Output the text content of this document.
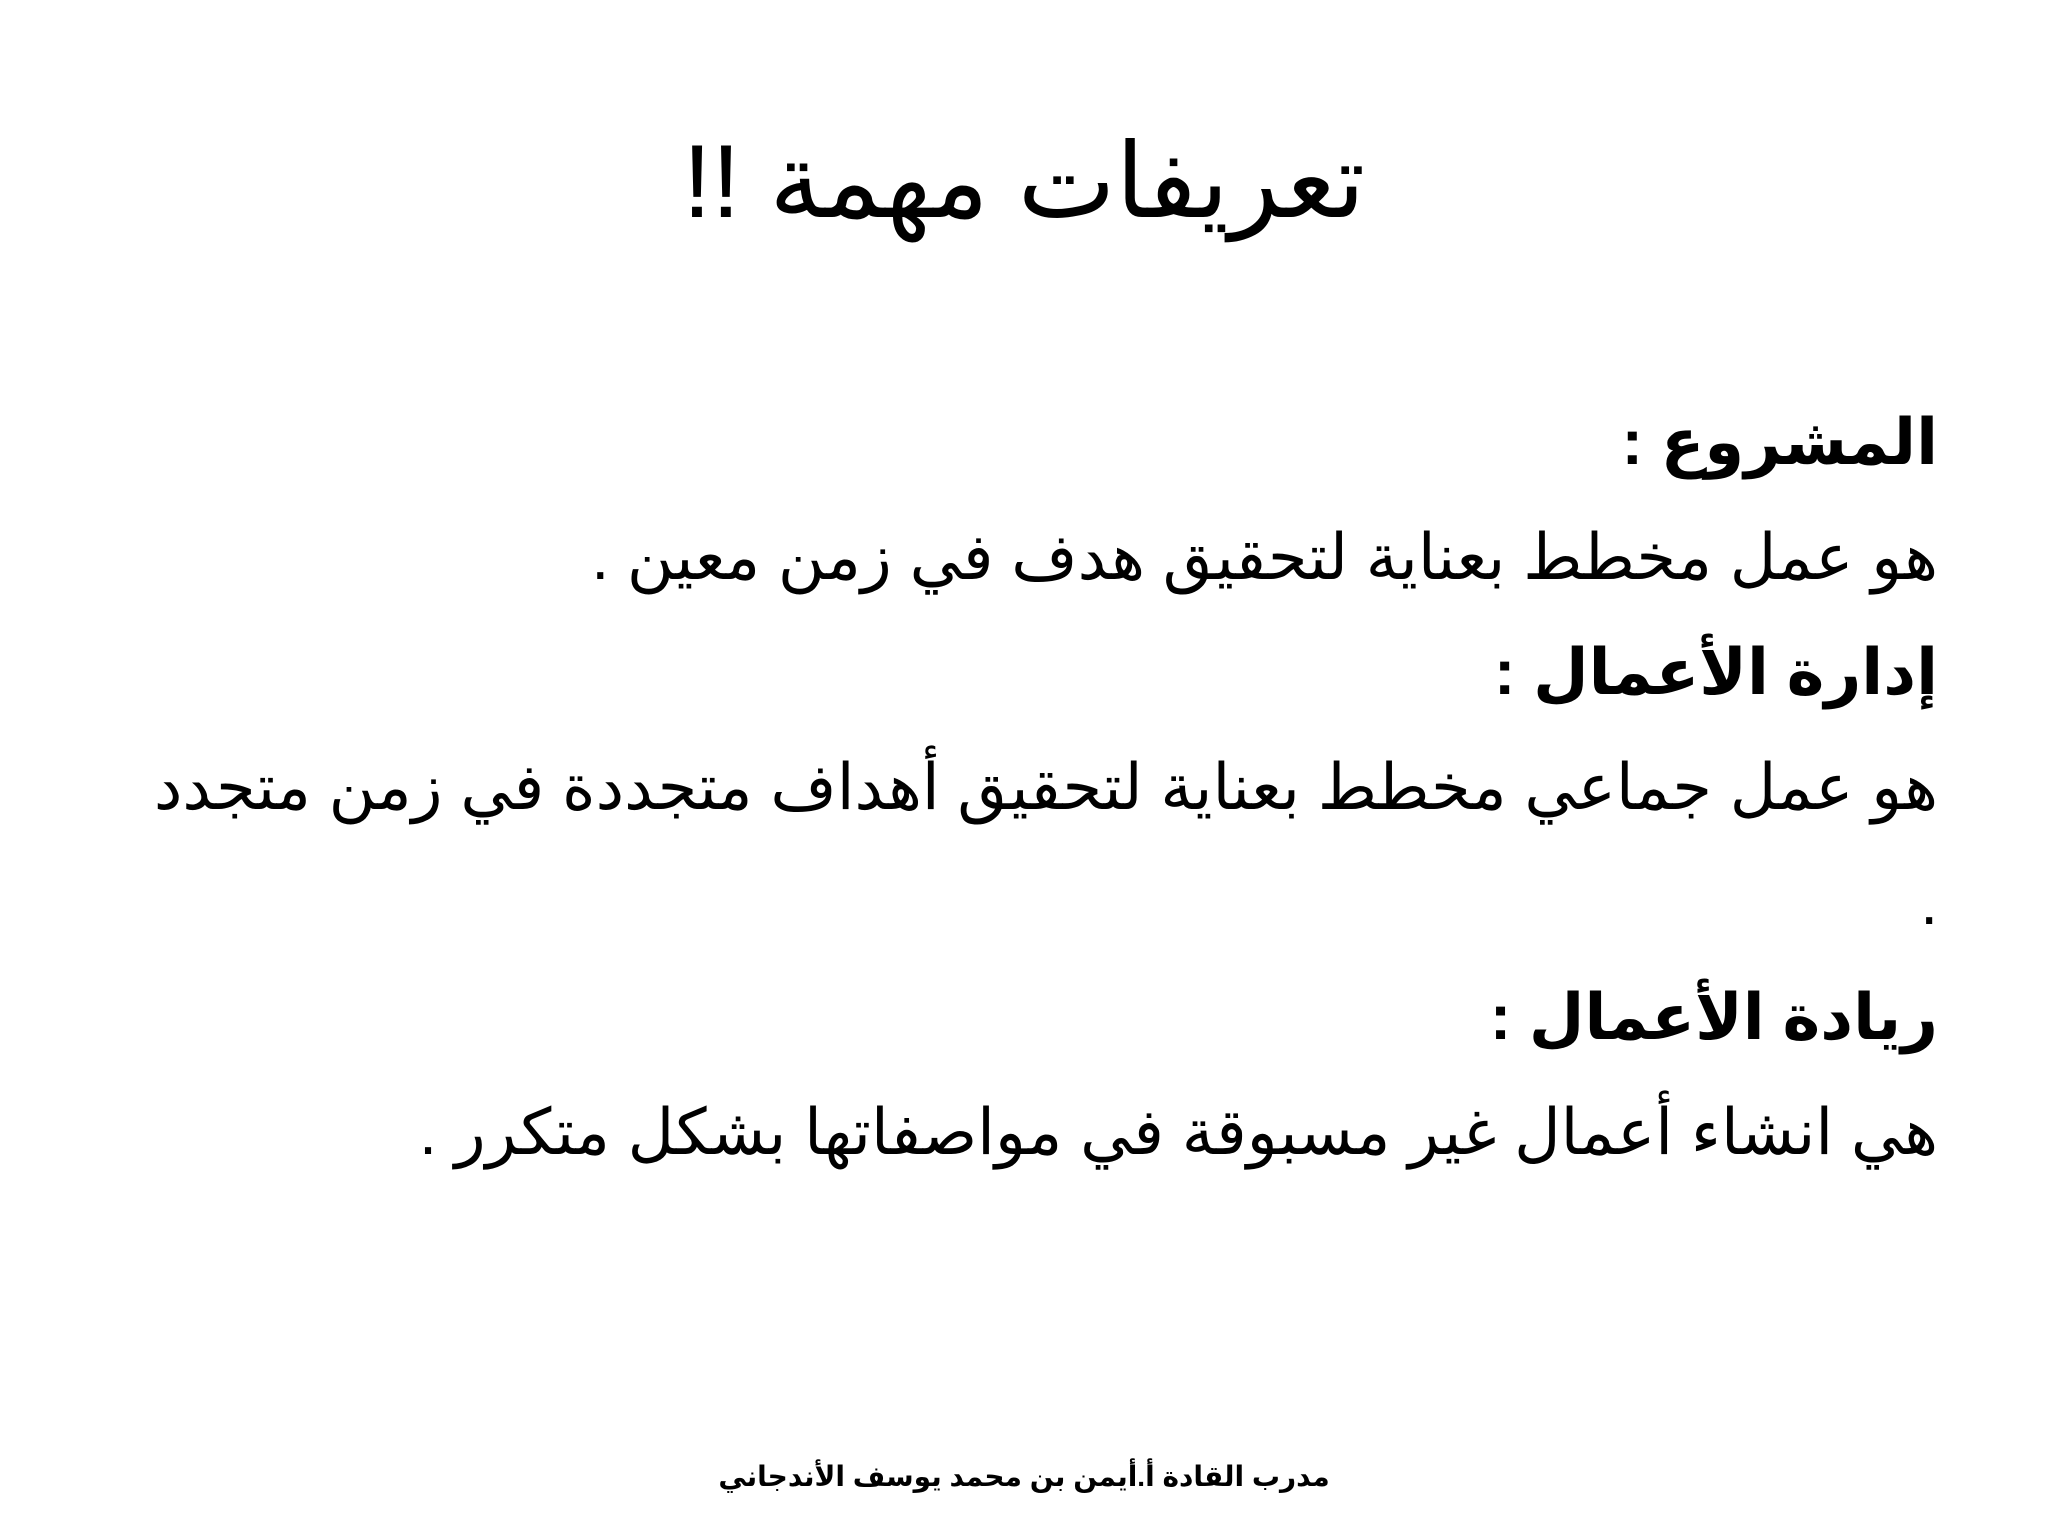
تعريفات مهمة !!

المشروع :

هو عمل مخطط بعناية لتحقيق هدف في زمن معين .

إدارة الأعمال :

هو عمل جماعي مخطط بعناية لتحقيق أهداف متجددة في زمن متجدد .

ريادة الأعمال :

هي انشاء أعمال غير مسبوقة في مواصفاتها بشكل متكرر .

مدرب القادة أ.أيمن بن محمد يوسف الأندجاني
